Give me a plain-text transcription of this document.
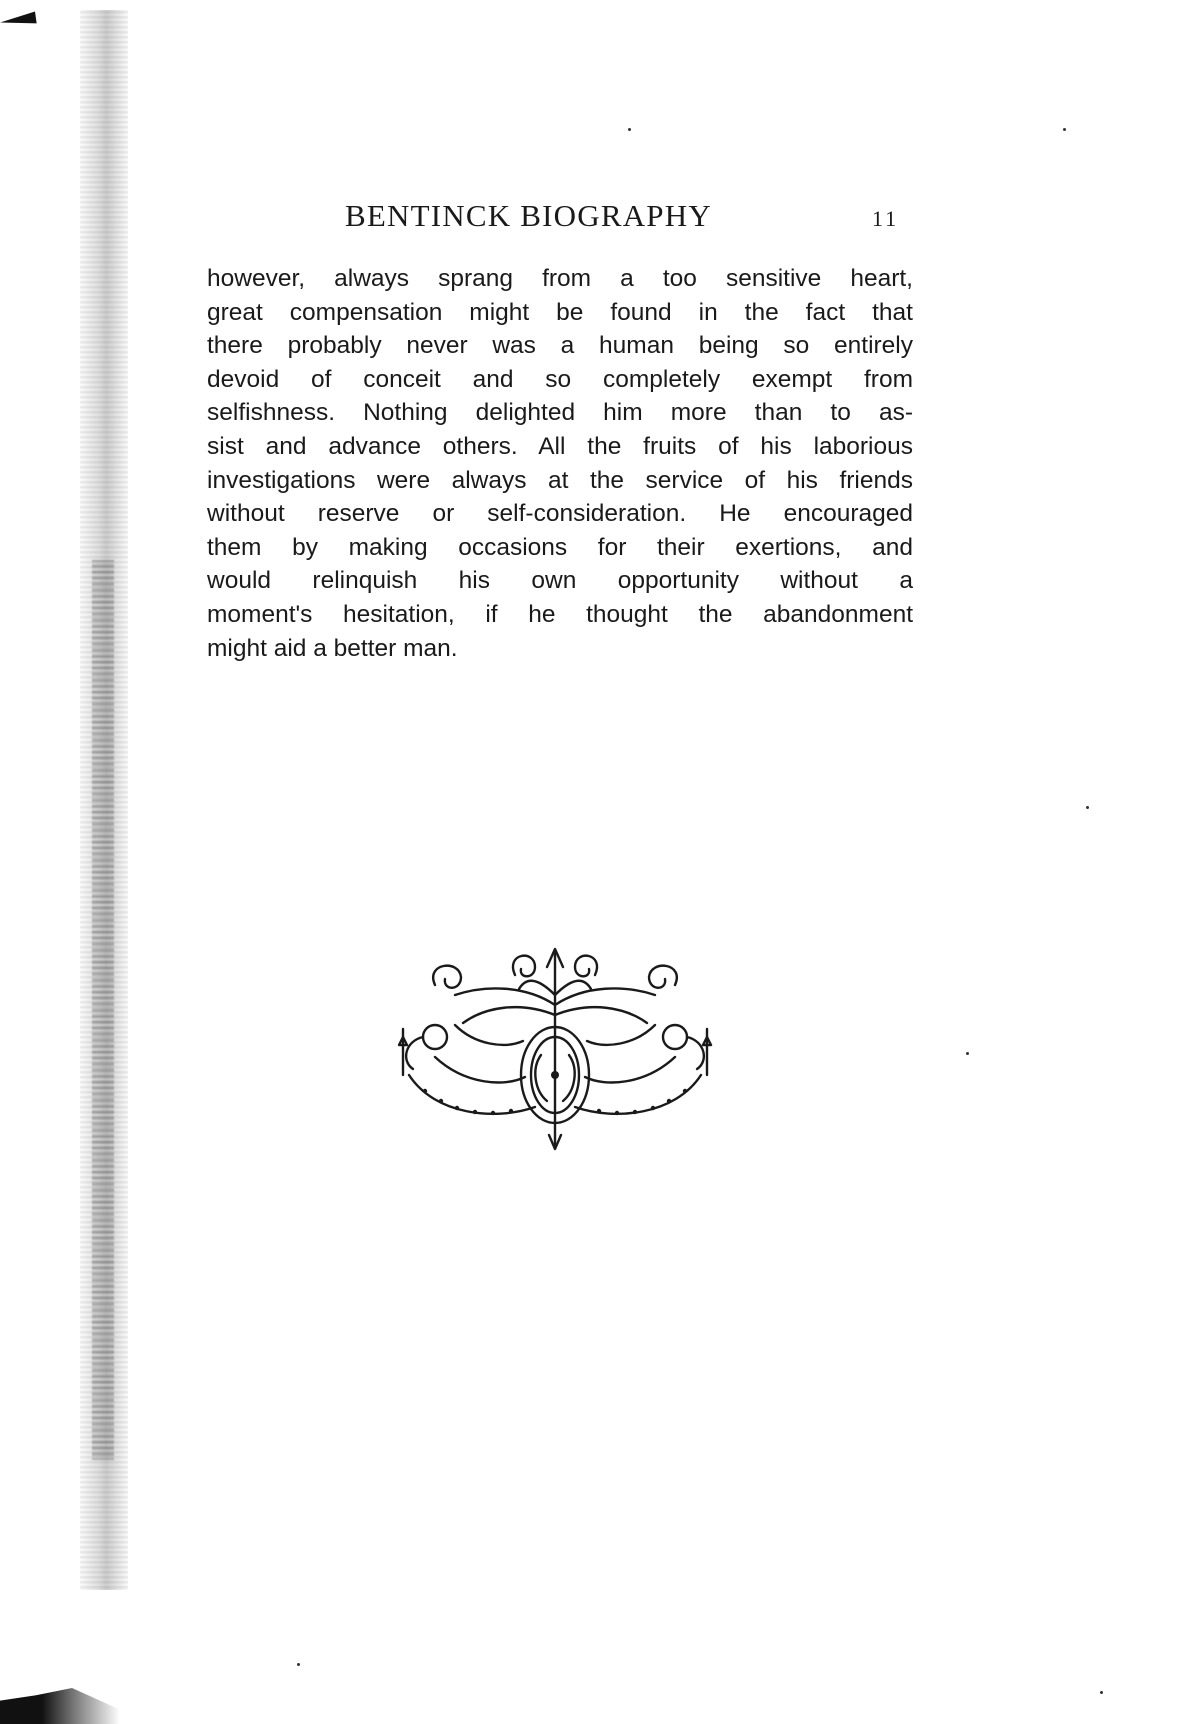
BENTINCK BIOGRAPHY	11
however, always sprang from a too sensitive heart,
great compensation might be found in the fact that
there probably never was a human being so entirely
devoid of conceit and so completely exempt from
selfishness. Nothing delighted him more than to as-
sist and advance others. All the fruits of his laborious
investigations were always at the service of his friends
without reserve or self-consideration. He encouraged
them by making occasions for their exertions, and
would relinquish his own opportunity without a
moment's hesitation, if he thought the abandonment
might aid a better man.
